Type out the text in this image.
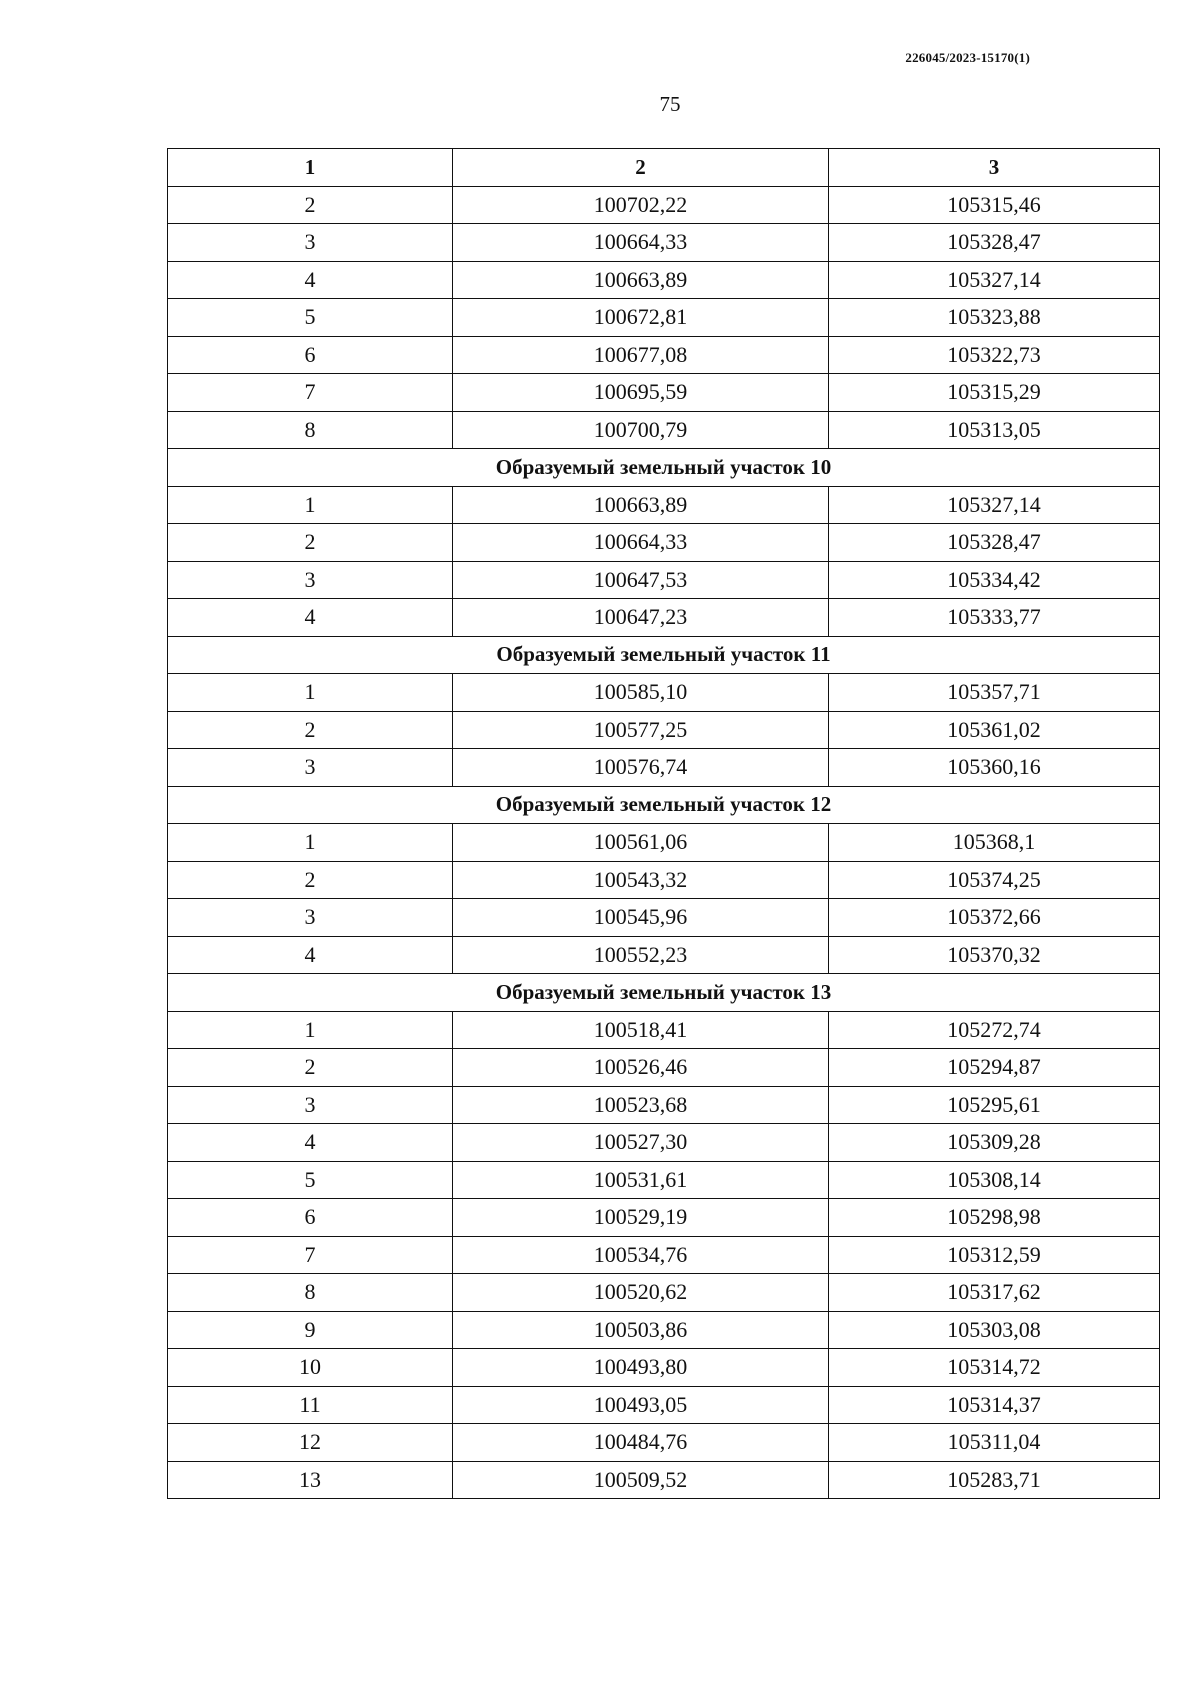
226045/2023-15170(1)
75
1	2	3
2	100702,22	105315,46
3	100664,33	105328,47
4	100663,89	105327,14
5	100672,81	105323,88
6	100677,08	105322,73
7	100695,59	105315,29
8	100700,79	105313,05
Образуемый земельный участок 10		
1	100663,89	105327,14
2	100664,33	105328,47
3	100647,53	105334,42
4	100647,23	105333,77
Образуемый земельный участок 11		
1	100585,10	105357,71
2	100577,25	105361,02
3	100576,74	105360,16
Образуемый земельный участок 12		
1	100561,06	105368,1
2	100543,32	105374,25
3	100545,96	105372,66
4	100552,23	105370,32
Образуемый земельный участок 13		
1	100518,41	105272,74
2	100526,46	105294,87
3	100523,68	105295,61
4	100527,30	105309,28
5	100531,61	105308,14
6	100529,19	105298,98
7	100534,76	105312,59
8	100520,62	105317,62
9	100503,86	105303,08
10	100493,80	105314,72
11	100493,05	105314,37
12	100484,76	105311,04
13	100509,52	105283,71
